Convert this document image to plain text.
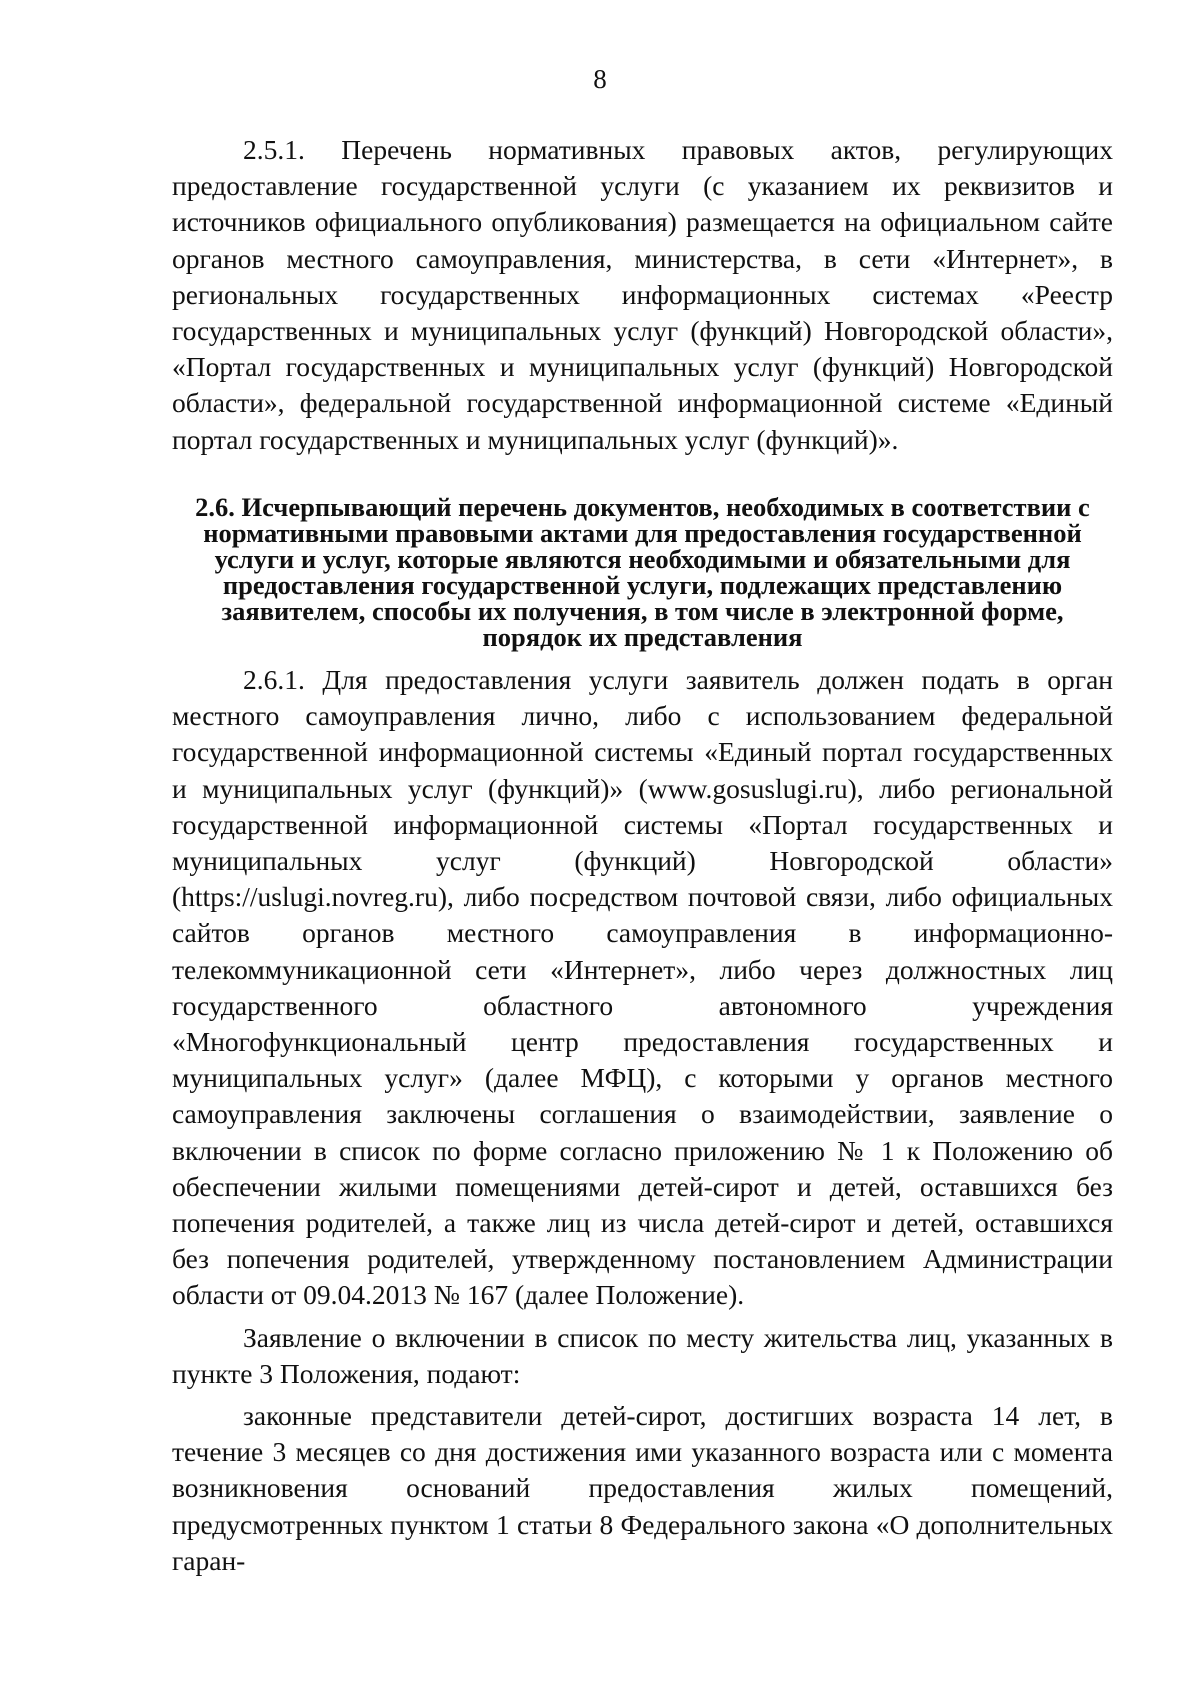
8

2.5.1. Перечень нормативных правовых актов, регулирующих предоставление государственной услуги (с указанием их реквизитов и источников официального опубликования) размещается на официальном сайте органов местного самоуправления, министерства, в сети «Интернет», в региональных государственных информационных системах «Реестр государственных и муниципальных услуг (функций) Новгородской области», «Портал государственных и муниципальных услуг (функций) Новгородской области», федеральной государственной информационной системе «Единый портал государственных и муниципальных услуг (функций)».

2.6. Исчерпывающий перечень документов, необходимых в соответствии с нормативными правовыми актами для предоставления государственной услуги и услуг, которые являются необходимыми и обязательными для предоставления государственной услуги, подлежащих представлению заявителем, способы их получения, в том числе в электронной форме, порядок их представления

2.6.1. Для предоставления услуги заявитель должен подать в орган местного самоуправления лично, либо с использованием федеральной государственной информационной системы «Единый портал государственных и муниципальных услуг (функций)» (www.gosuslugi.ru), либо региональной государственной информационной системы «Портал государственных и муниципальных услуг (функций) Новгородской области» (https://uslugi.novreg.ru), либо посредством почтовой связи, либо официальных сайтов органов местного самоуправления в информационно-телекоммуникационной сети «Интернет», либо через должностных лиц государственного областного автономного учреждения «Многофункциональный центр предоставления государственных и муниципальных услуг» (далее МФЦ), с которыми у органов местного самоуправления заключены соглашения о взаимодействии, заявление о включении в список по форме согласно приложению № 1 к Положению об обеспечении жилыми помещениями детей-сирот и детей, оставшихся без попечения родителей, а также лиц из числа детей-сирот и детей, оставшихся без попечения родителей, утвержденному постановлением Администрации области от 09.04.2013 № 167 (далее Положение).

Заявление о включении в список по месту жительства лиц, указанных в пункте 3 Положения, подают:

законные представители детей-сирот, достигших возраста 14 лет, в течение 3 месяцев со дня достижения ими указанного возраста или с момента возникновения оснований предоставления жилых помещений, предусмотренных пунктом 1 статьи 8 Федерального закона «О дополнительных гаран-
